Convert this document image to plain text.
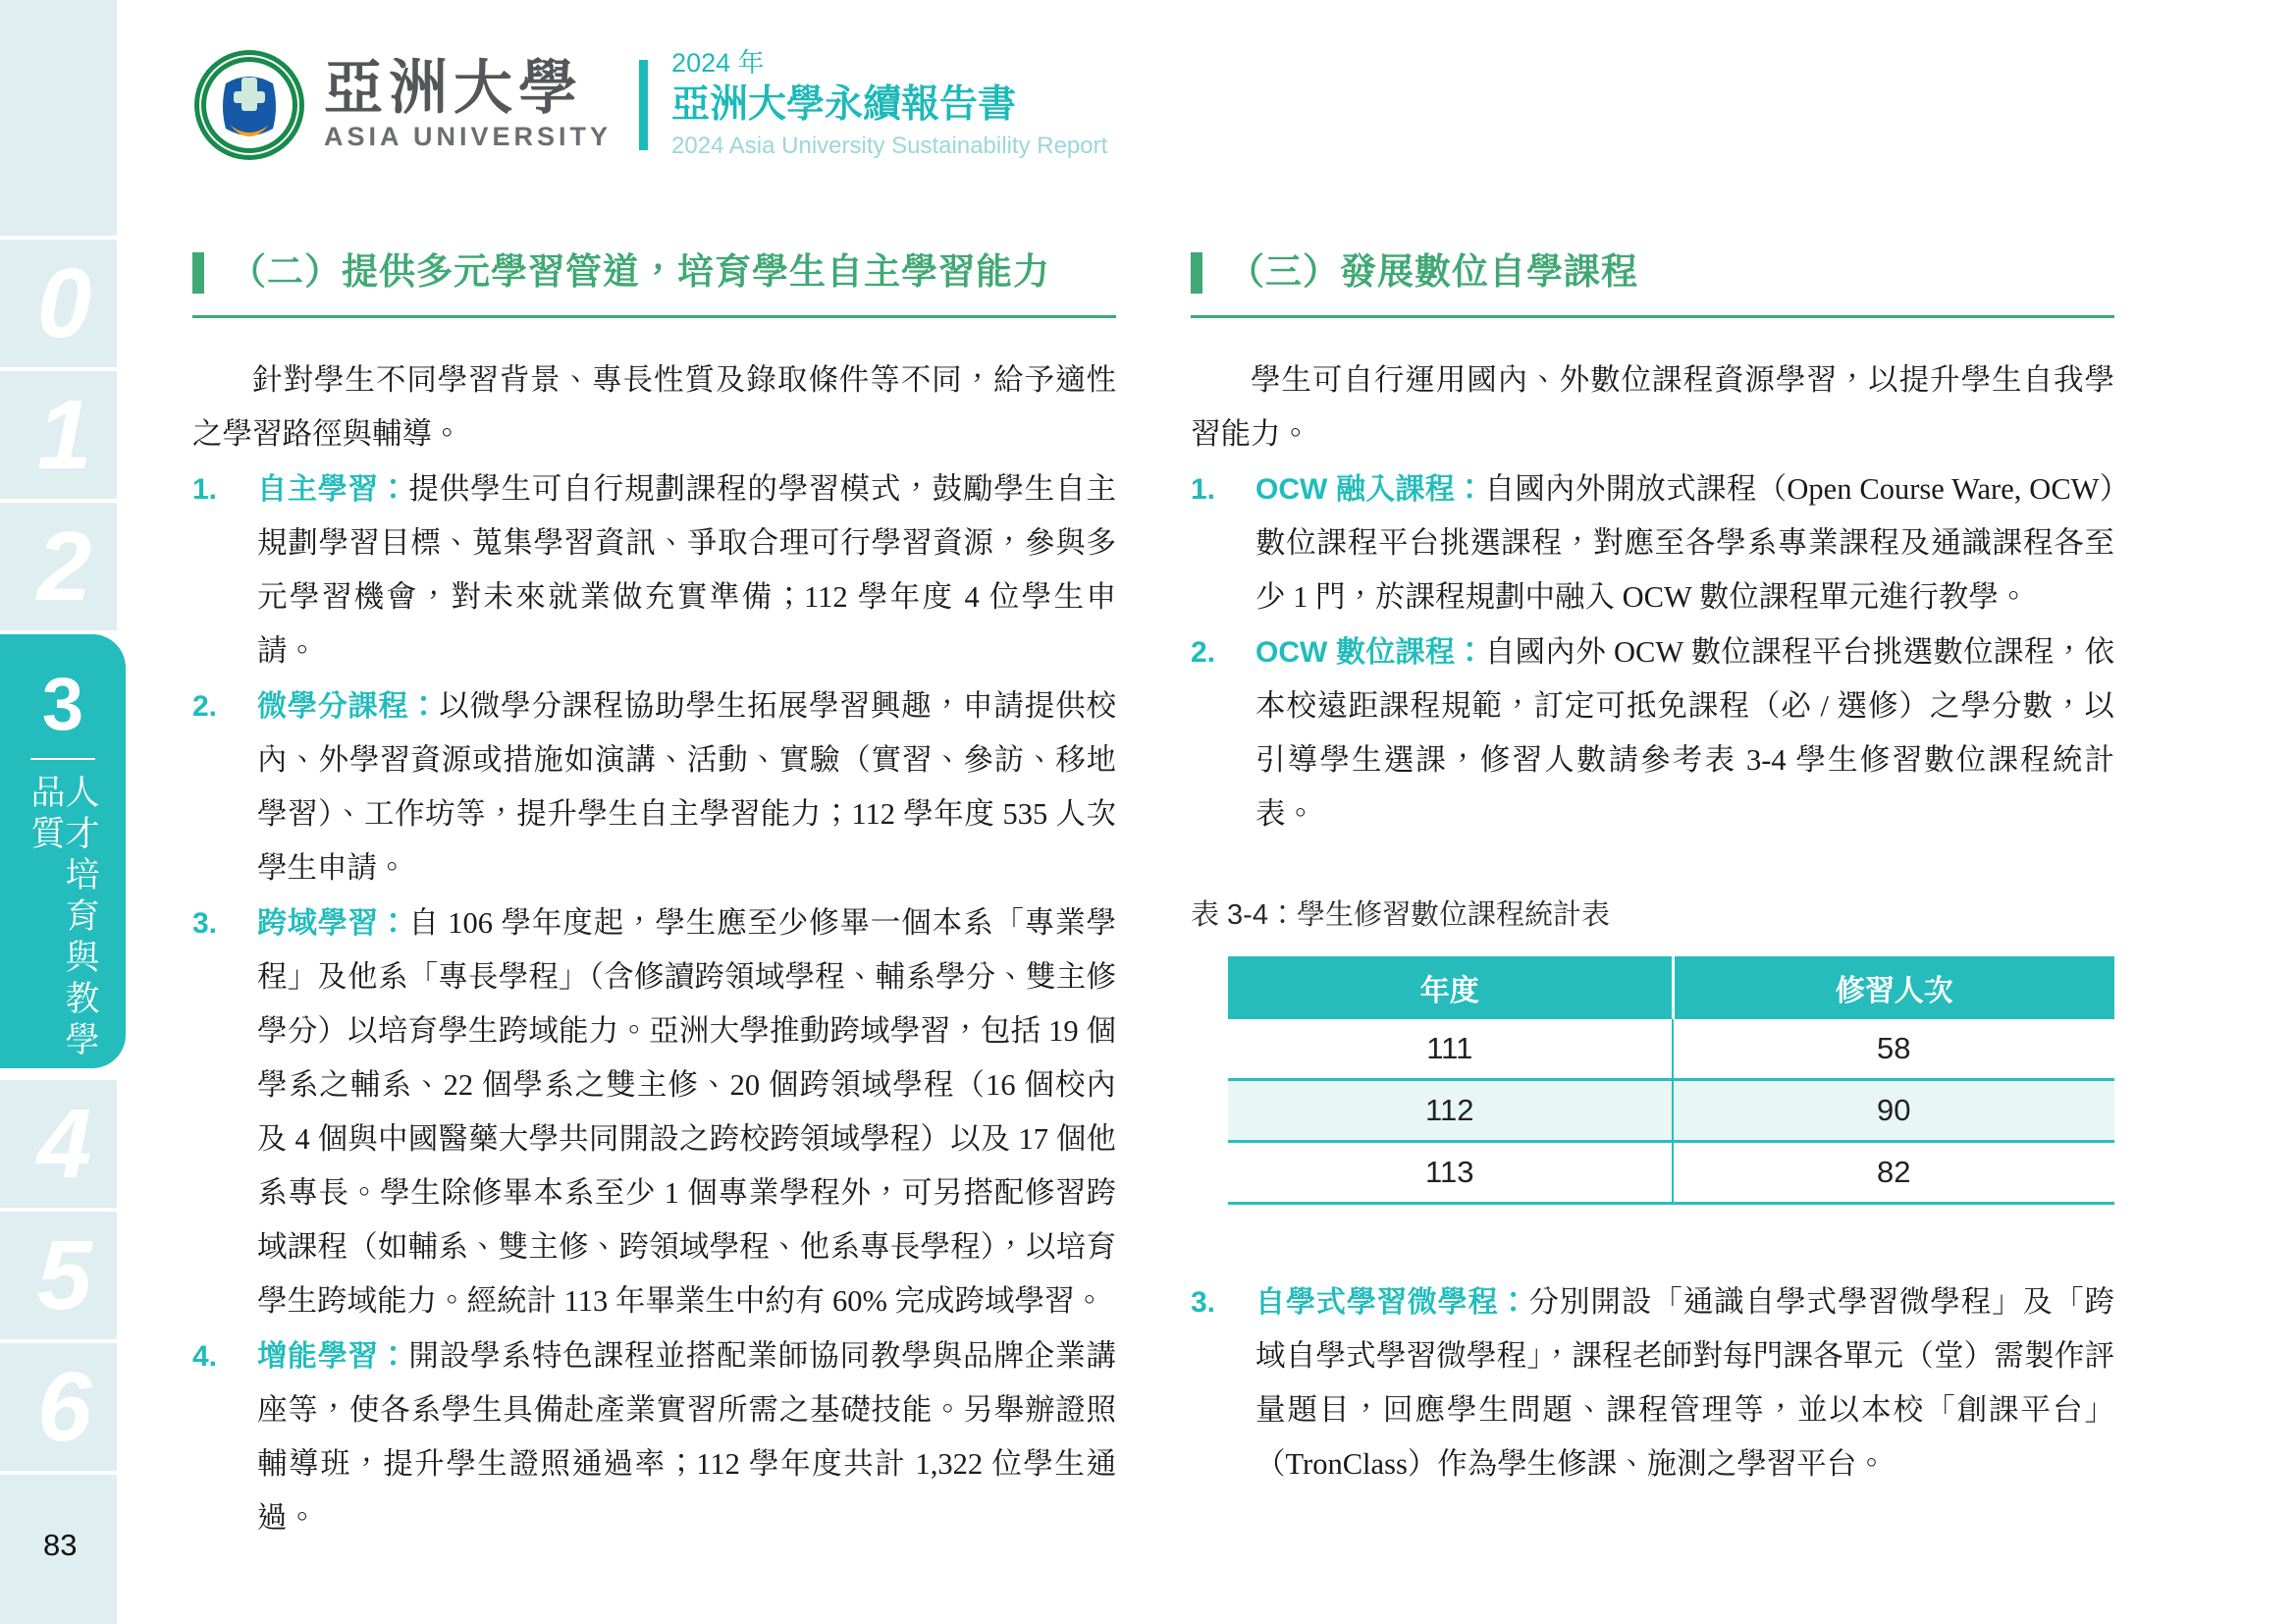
0
1
2
3
人才培育與教學品質
4
5
6
83
亞洲大學
ASIA UNIVERSITY
2024 年
亞洲大學永續報告書
2024 Asia University Sustainability Report
（二）提供多元學習管道，培育學生自主學習能力

針對學生不同學習背景、專長性質及錄取條件等不同，給予適性之學習路徑與輔導。

1.	自主學習：提供學生可自行規劃課程的學習模式，鼓勵學生自主規劃學習目標、蒐集學習資訊、爭取合理可行學習資源，參與多元學習機會，對未來就業做充實準備；112 學年度 4 位學生申請。

2.	微學分課程：以微學分課程協助學生拓展學習興趣，申請提供校內、外學習資源或措施如演講、活動、實驗（實習、參訪、移地學習）、工作坊等，提升學生自主學習能力；112 學年度 535 人次學生申請。

3.	跨域學習：自 106 學年度起，學生應至少修畢一個本系「專業學程」及他系「專長學程」（含修讀跨領域學程、輔系學分、雙主修學分）以培育學生跨域能力。亞洲大學推動跨域學習，包括 19 個學系之輔系、22 個學系之雙主修、20 個跨領域學程（16 個校內及 4 個與中國醫藥大學共同開設之跨校跨領域學程）以及 17 個他系專長。學生除修畢本系至少 1 個專業學程外，可另搭配修習跨域課程（如輔系、雙主修、跨領域學程、他系專長學程），以培育學生跨域能力。經統計 113 年畢業生中約有 60% 完成跨域學習。

4.	增能學習：開設學系特色課程並搭配業師協同教學與品牌企業講座等，使各系學生具備赴產業實習所需之基礎技能。另舉辦證照輔導班，提升學生證照通過率；112 學年度共計 1,322 位學生通過。

（三）發展數位自學課程

學生可自行運用國內、外數位課程資源學習，以提升學生自我學習能力。

1.	OCW 融入課程：自國內外開放式課程（Open Course Ware, OCW）數位課程平台挑選課程，對應至各學系專業課程及通識課程各至少 1 門，於課程規劃中融入 OCW 數位課程單元進行教學。

2.	OCW 數位課程：自國內外 OCW 數位課程平台挑選數位課程，依本校遠距課程規範，訂定可抵免課程（必 / 選修）之學分數，以引導學生選課，修習人數請參考表 3-4 學生修習數位課程統計表。

表 3-4：學生修習數位課程統計表
年度	修習人次
111	58
112	90
113	82
3.	自學式學習微學程：分別開設「通識自學式學習微學程」及「跨域自學式學習微學程」，課程老師對每門課各單元（堂）需製作評量題目，回應學生問題、課程管理等，並以本校「創課平台」（TronClass）作為學生修課、施測之學習平台。
